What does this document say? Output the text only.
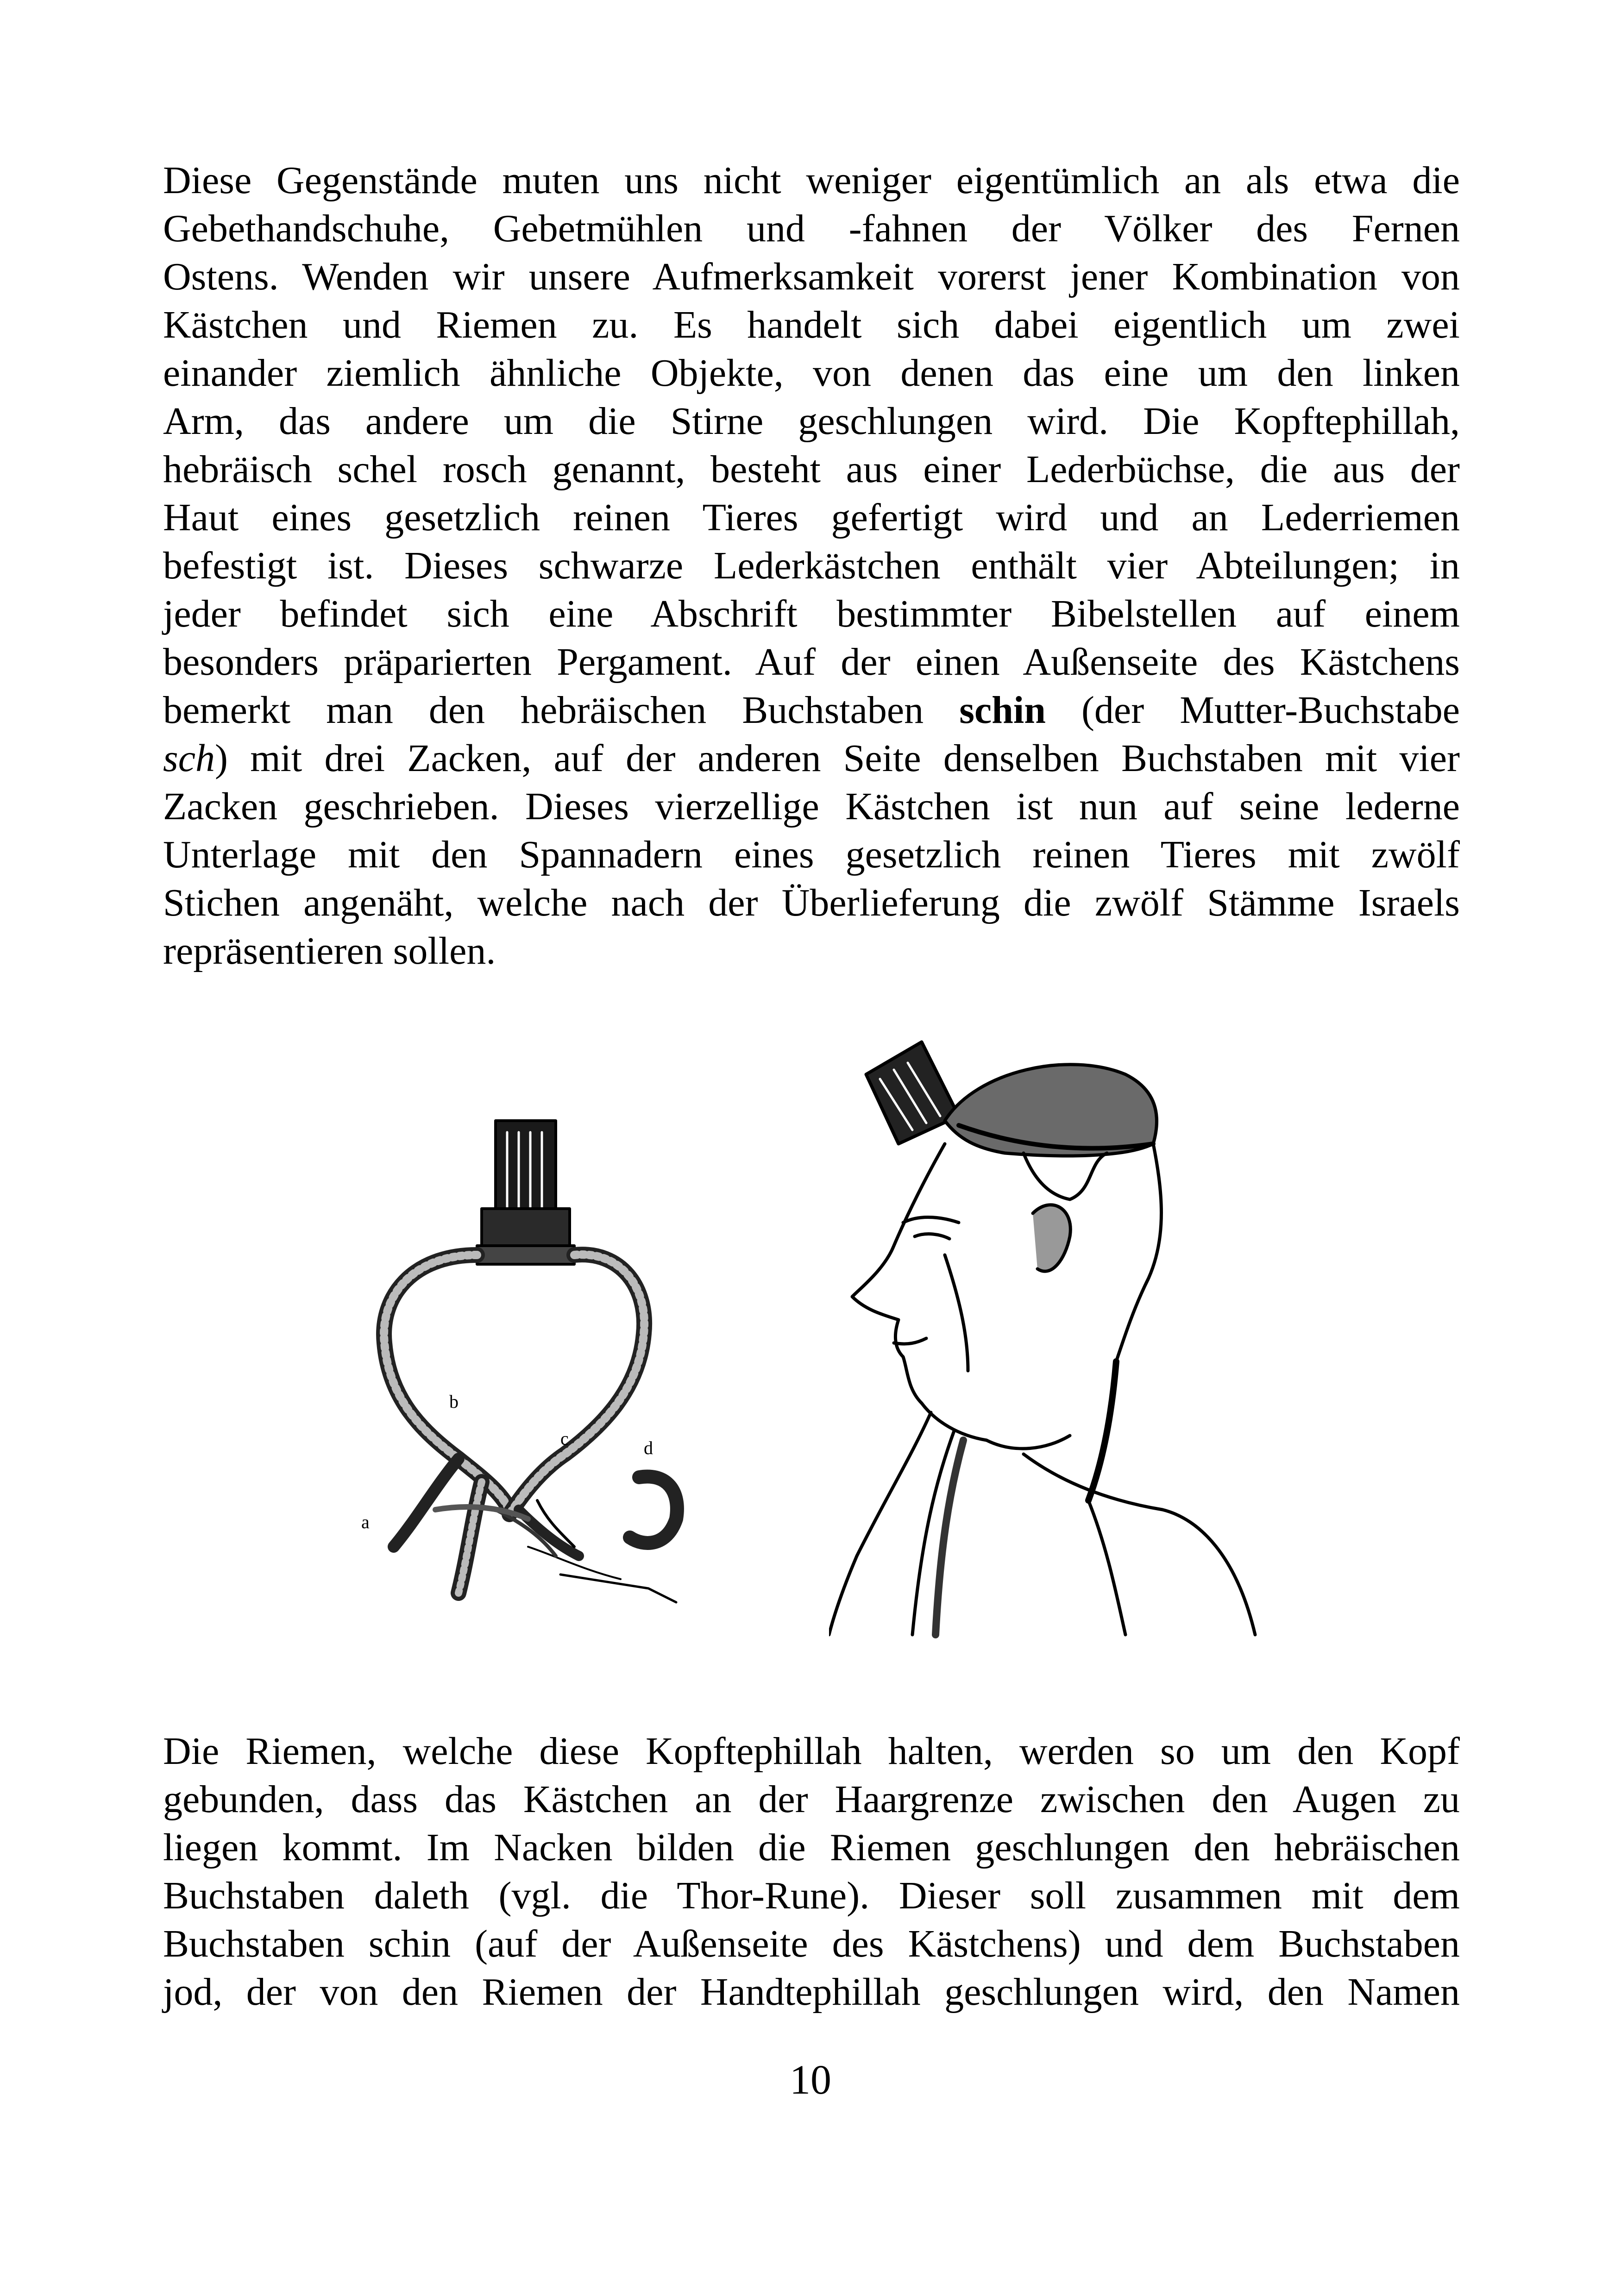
Diese Gegenstände muten uns nicht weniger eigentümlich an als etwa die
Gebethandschuhe, Gebetmühlen und -fahnen der Völker des Fernen
Ostens. Wenden wir unsere Aufmerksamkeit vorerst jener Kombination von
Kästchen und Riemen zu. Es handelt sich dabei eigentlich um zwei
einander ziemlich ähnliche Objekte, von denen das eine um den linken
Arm, das andere um die Stirne geschlungen wird. Die Kopftephillah,
hebräisch schel rosch genannt, besteht aus einer Lederbüchse, die aus der
Haut eines gesetzlich reinen Tieres gefertigt wird und an Lederriemen
befestigt ist. Dieses schwarze Lederkästchen enthält vier Abteilungen; in
jeder befindet sich eine Abschrift bestimmter Bibelstellen auf einem
besonders präparierten Pergament. Auf der einen Außenseite des Kästchens
bemerkt man den hebräischen Buchstaben schin (der Mutter-Buchstabe
sch) mit drei Zacken, auf der anderen Seite denselben Buchstaben mit vier
Zacken geschrieben. Dieses vierzellige Kästchen ist nun auf seine lederne
Unterlage mit den Spannadern eines gesetzlich reinen Tieres mit zwölf
Stichen angenäht, welche nach der Überlieferung die zwölf Stämme Israels
repräsentieren sollen.
a
b
c	d
Die Riemen, welche diese Kopftephillah halten, werden so um den Kopf
gebunden, dass das Kästchen an der Haargrenze zwischen den Augen zu
liegen kommt. Im Nacken bilden die Riemen geschlungen den hebräischen
Buchstaben daleth (vgl. die Thor-Rune). Dieser soll zusammen mit dem
Buchstaben schin (auf der Außenseite des Kästchens) und dem Buchstaben
jod, der von den Riemen der Handtephillah geschlungen wird, den Namen
10
